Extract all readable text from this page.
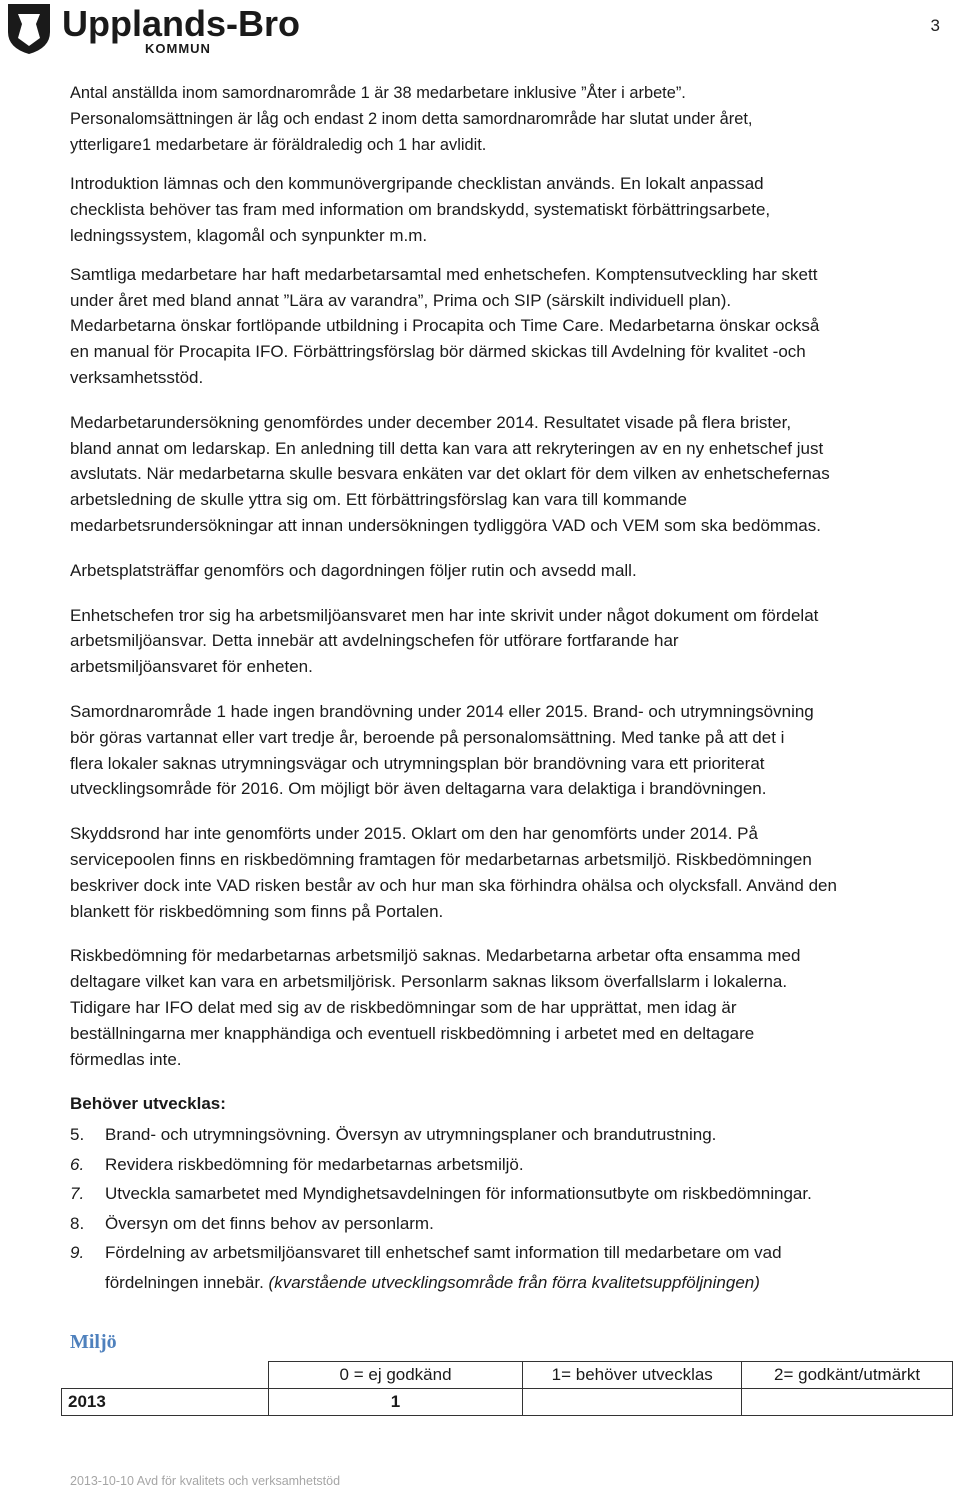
Upplands-Bro
KOMMUN
3

Antal anställda inom samordnarområde 1 är 38 medarbetare inklusive ”Åter i arbete”.
Personalomsättningen är låg och endast 2 inom detta samordnarområde har slutat under året,
ytterligare1 medarbetare är föräldraledig och 1 har avlidit.

Introduktion lämnas och den kommunövergripande checklistan används. En lokalt anpassad
checklista behöver tas fram med information om brandskydd, systematiskt förbättringsarbete,
ledningssystem, klagomål och synpunkter m.m.

Samtliga medarbetare har haft medarbetarsamtal med enhetschefen. Komptensutveckling har skett
under året med bland annat ”Lära av varandra”, Prima och SIP (särskilt individuell plan).
Medarbetarna önskar fortlöpande utbildning i Procapita och Time Care. Medarbetarna önskar också
en manual för Procapita IFO. Förbättringsförslag bör därmed skickas till Avdelning för kvalitet -och
verksamhetsstöd.

Medarbetarundersökning genomfördes under december 2014. Resultatet visade på flera brister,
bland annat om ledarskap. En anledning till detta kan vara att rekryteringen av en ny enhetschef just
avslutats. När medarbetarna skulle besvara enkäten var det oklart för dem vilken av enhetschefernas
arbetsledning de skulle yttra sig om. Ett förbättringsförslag kan vara till kommande
medarbetsrundersökningar att innan undersökningen tydliggöra VAD och VEM som ska bedömmas.

Arbetsplatsträffar genomförs och dagordningen följer rutin och avsedd mall.

Enhetschefen tror sig ha arbetsmiljöansvaret men har inte skrivit under något dokument om fördelat
arbetsmiljöansvar. Detta innebär att avdelningschefen för utförare fortfarande har
arbetsmiljöansvaret för enheten.

Samordnarområde 1 hade ingen brandövning under 2014 eller 2015. Brand- och utrymningsövning
bör göras vartannat eller vart tredje år, beroende på personalomsättning. Med tanke på att det i
flera lokaler saknas utrymningsvägar och utrymningsplan bör brandövning vara ett prioriterat
utvecklingsområde för 2016. Om möjligt bör även deltagarna vara delaktiga i brandövningen.

Skyddsrond har inte genomförts under 2015. Oklart om den har genomförts under 2014. På
servicepoolen finns en riskbedömning framtagen för medarbetarnas arbetsmiljö. Riskbedömningen
beskriver dock inte VAD risken består av och hur man ska förhindra ohälsa och olycksfall. Använd den
blankett för riskbedömning som finns på Portalen.

Riskbedömning för medarbetarnas arbetsmiljö saknas. Medarbetarna arbetar ofta ensamma med
deltagare vilket kan vara en arbetsmiljörisk. Personlarm saknas liksom överfallslarm i lokalerna.
Tidigare har IFO delat med sig av de riskbedömningar som de har upprättat, men idag är
beställningarna mer knapphändiga och eventuell riskbedömning i arbetet med en deltagare
förmedlas inte.

Behöver utvecklas:

5.	Brand- och utrymningsövning. Översyn av utrymningsplaner och brandutrustning.
6.	Revidera riskbedömning för medarbetarnas arbetsmiljö.
7.	Utveckla samarbetet med Myndighetsavdelningen för informationsutbyte om riskbedömningar.
8.	Översyn om det finns behov av personlarm.
9.	Fördelning av arbetsmiljöansvaret till enhetschef samt information till medarbetare om vad
fördelningen innebär. (kvarstående utvecklingsområde från förra kvalitetsuppföljningen)
Miljö
	0 = ej godkänd	1= behöver utvecklas	2= godkänt/utmärkt
2013	1		
2013-10-10 Avd för kvalitets och verksamhetstöd
